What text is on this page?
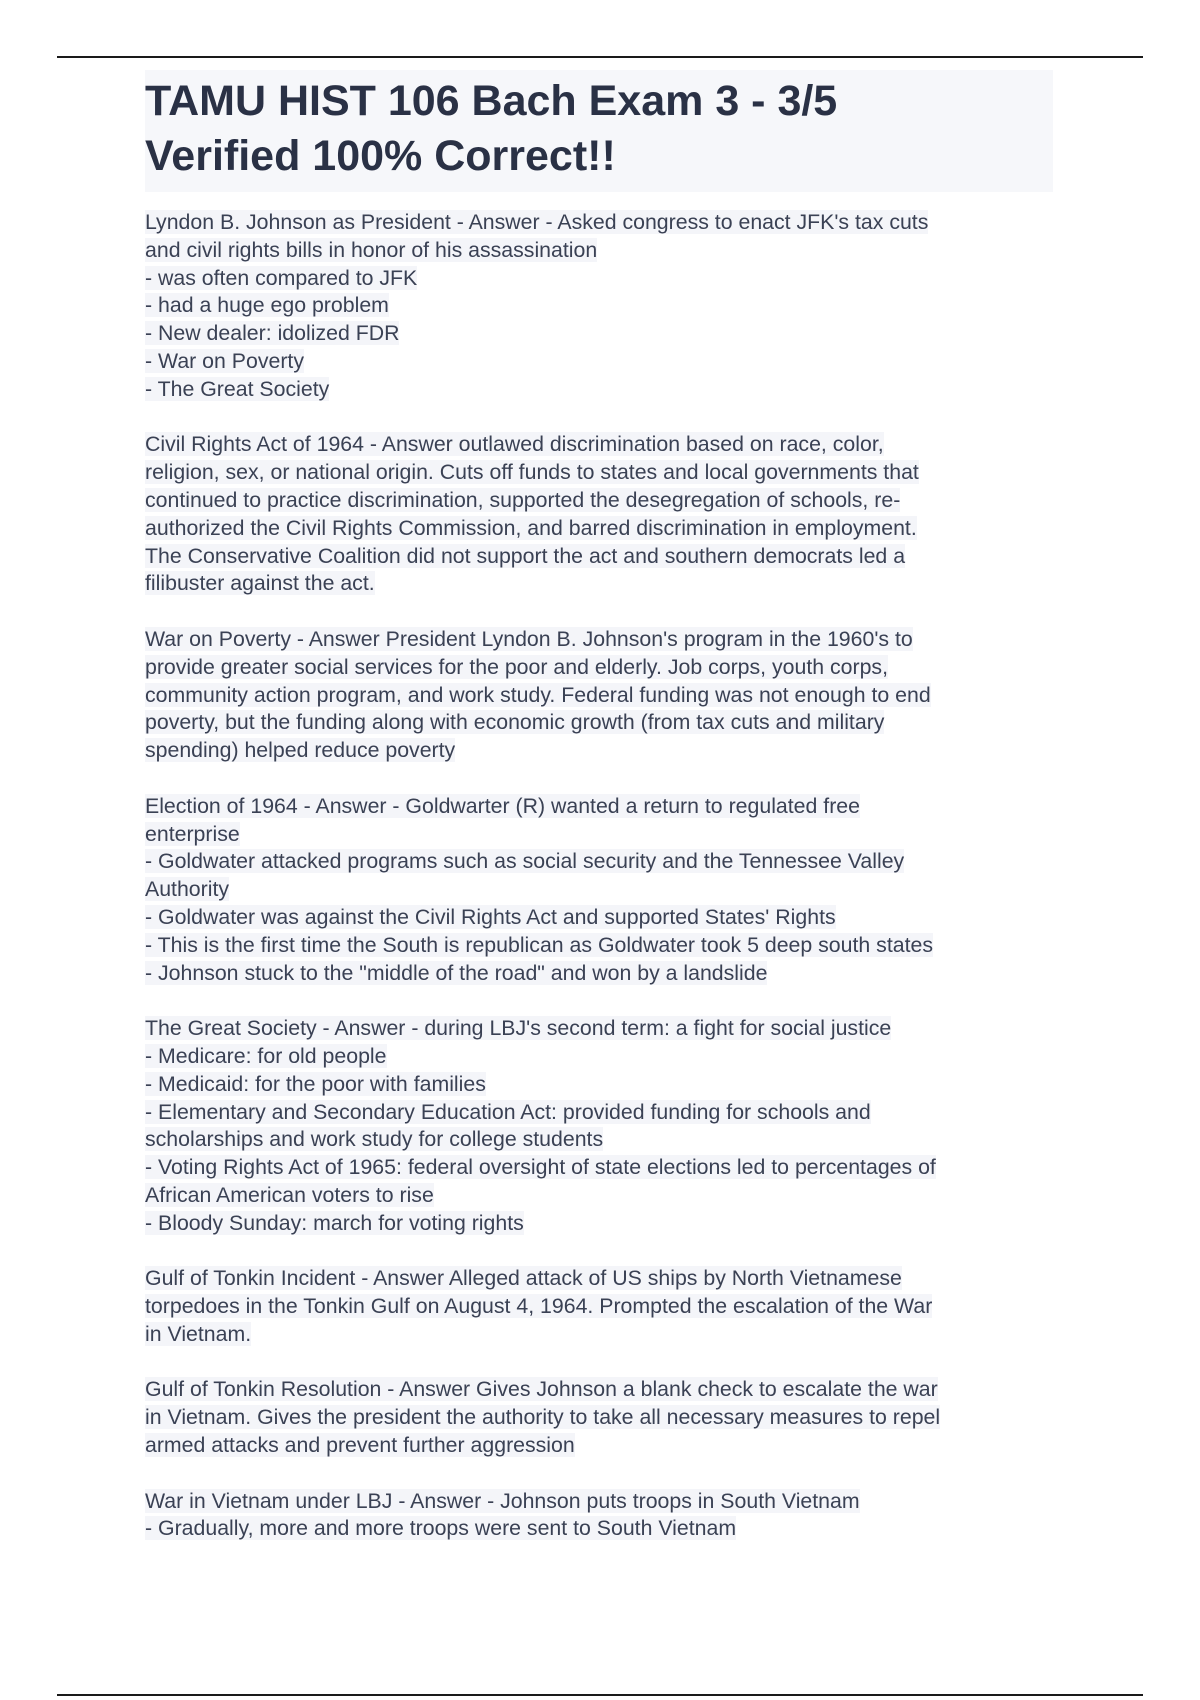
TAMU HIST 106 Bach Exam 3 - 3/5
Verified 100% Correct!!
Lyndon B. Johnson as President - Answer - Asked congress to enact JFK's tax cuts
and civil rights bills in honor of his assassination
- was often compared to JFK
- had a huge ego problem
- New dealer: idolized FDR
- War on Poverty
- The Great Society
Civil Rights Act of 1964 - Answer outlawed discrimination based on race, color,
religion, sex, or national origin. Cuts off funds to states and local governments that
continued to practice discrimination, supported the desegregation of schools, re-
authorized the Civil Rights Commission, and barred discrimination in employment.
The Conservative Coalition did not support the act and southern democrats led a
filibuster against the act.
War on Poverty - Answer President Lyndon B. Johnson's program in the 1960's to
provide greater social services for the poor and elderly. Job corps, youth corps,
community action program, and work study. Federal funding was not enough to end
poverty, but the funding along with economic growth (from tax cuts and military
spending) helped reduce poverty
Election of 1964 - Answer - Goldwarter (R) wanted a return to regulated free
enterprise
- Goldwater attacked programs such as social security and the Tennessee Valley
Authority
- Goldwater was against the Civil Rights Act and supported States' Rights
- This is the first time the South is republican as Goldwater took 5 deep south states
- Johnson stuck to the "middle of the road" and won by a landslide
The Great Society - Answer - during LBJ's second term: a fight for social justice
- Medicare: for old people
- Medicaid: for the poor with families
- Elementary and Secondary Education Act: provided funding for schools and
scholarships and work study for college students
- Voting Rights Act of 1965: federal oversight of state elections led to percentages of
African American voters to rise
- Bloody Sunday: march for voting rights
Gulf of Tonkin Incident - Answer Alleged attack of US ships by North Vietnamese
torpedoes in the Tonkin Gulf on August 4, 1964. Prompted the escalation of the War
in Vietnam.
Gulf of Tonkin Resolution - Answer Gives Johnson a blank check to escalate the war
in Vietnam. Gives the president the authority to take all necessary measures to repel
armed attacks and prevent further aggression
War in Vietnam under LBJ - Answer - Johnson puts troops in South Vietnam
- Gradually, more and more troops were sent to South Vietnam
